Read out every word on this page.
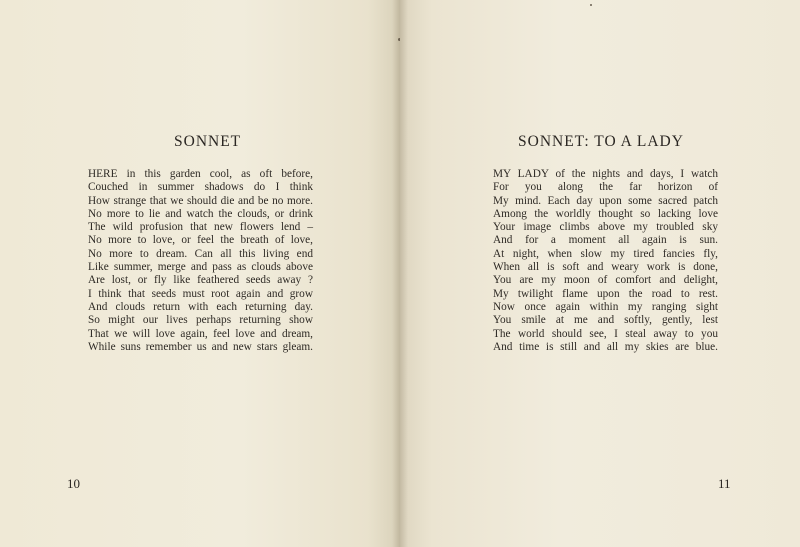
SONNET
HERE in this garden cool, as oft before,
Couched in summer shadows do I think
How strange that we should die and be no more.
No more to lie and watch the clouds, or drink
The wild profusion that new flowers lend –
No more to love, or feel the breath of love,
No more to dream. Can all this living end
Like summer, merge and pass as clouds above
Are lost, or fly like feathered seeds away ?
I think that seeds must root again and grow
And clouds return with each returning day.
So might our lives perhaps returning show
That we will love again, feel love and dream,
While suns remember us and new stars gleam.
10
SONNET: TO A LADY
MY LADY of the nights and days, I watch
For you along the far horizon of
My mind. Each day upon some sacred patch
Among the worldly thought so lacking love
Your image climbs above my troubled sky
And for a moment all again is sun.
At night, when slow my tired fancies fly,
When all is soft and weary work is done,
You are my moon of comfort and delight,
My twilight flame upon the road to rest.
Now once again within my ranging sight
You smile at me and softly, gently, lest
The world should see, I steal away to you
And time is still and all my skies are blue.
11
